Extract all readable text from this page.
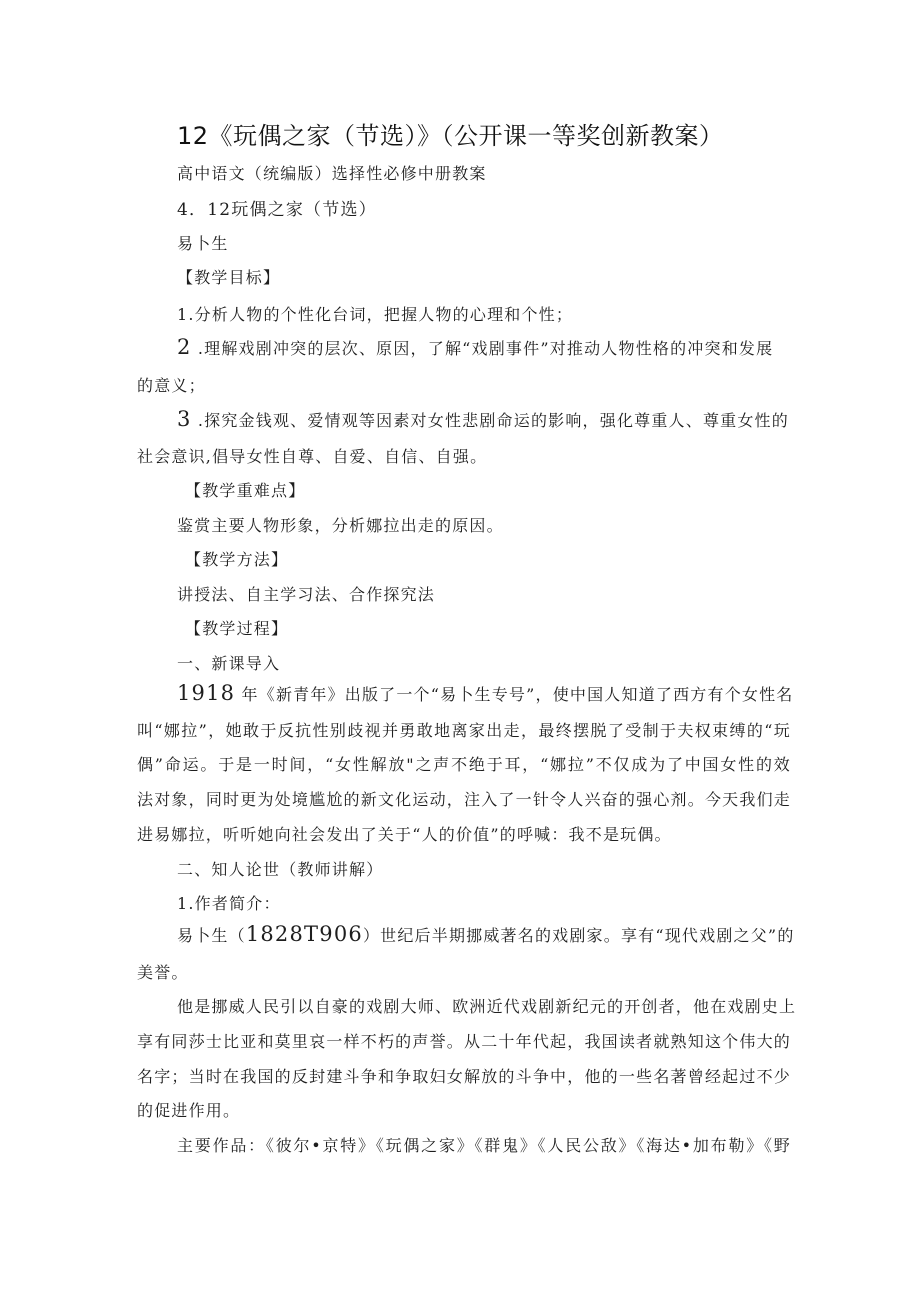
12《玩偶之家（节选）》（公开课一等奖创新教案）
高中语文（统编版）选择性必修中册教案
4．12玩偶之家（节选）
易卜生
【教学目标】
1.分析人物的个性化台词，把握人物的心理和个性；
2 .理解戏剧冲突的层次、原因，了解“戏剧事件”对推动人物性格的冲突和发展
的意义；
3 .探究金钱观、爱情观等因素对女性悲剧命运的影响，强化尊重人、尊重女性的
社会意识,倡导女性自尊、自爱、自信、自强。
【教学重难点】
鉴赏主要人物形象，分析娜拉出走的原因。
【教学方法】
讲授法、自主学习法、合作探究法
【教学过程】
一、新课导入
1918 年《新青年》出版了一个“易卜生专号”，使中国人知道了西方有个女性名
叫“娜拉”，她敢于反抗性别歧视并勇敢地离家出走，最终摆脱了受制于夫权束缚的“玩
偶”命运。于是一时间，“女性解放"之声不绝于耳，“娜拉”不仅成为了中国女性的效
法对象，同时更为处境尴尬的新文化运动，注入了一针令人兴奋的强心剂。今天我们走
进易娜拉，听听她向社会发出了关于“人的价值”的呼喊：我不是玩偶。
二、知人论世（教师讲解）
1.作者简介：
易卜生（1828T906）世纪后半期挪威著名的戏剧家。享有“现代戏剧之父”的
美誉。
他是挪威人民引以自豪的戏剧大师、欧洲近代戏剧新纪元的开创者，他在戏剧史上
享有同莎士比亚和莫里哀一样不朽的声誉。从二十年代起，我国读者就熟知这个伟大的
名字；当时在我国的反封建斗争和争取妇女解放的斗争中，他的一些名著曾经起过不少
的促进作用。
主要作品：《彼尔•京特》《玩偶之家》《群鬼》《人民公敌》《海达•加布勒》《野
